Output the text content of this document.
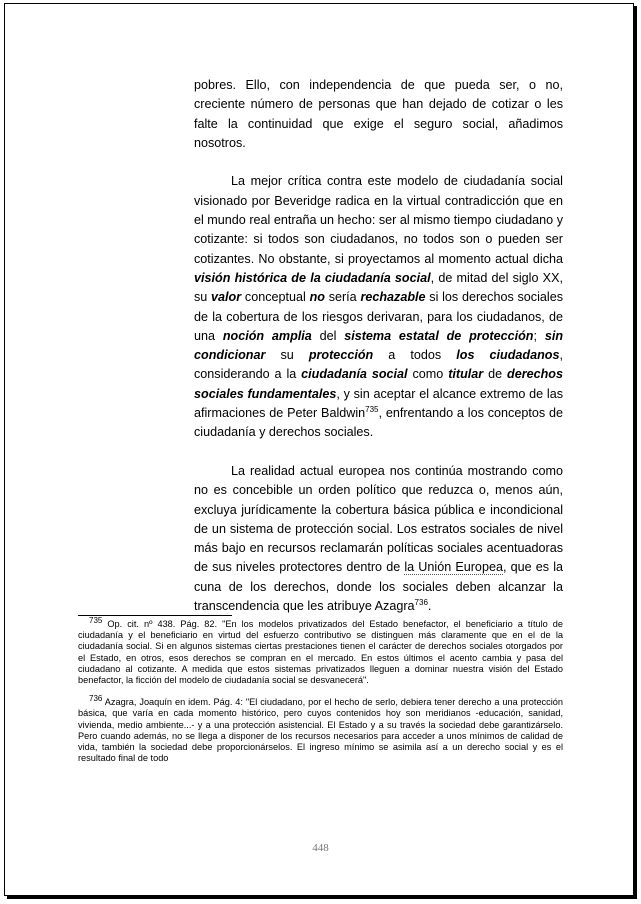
pobres. Ello, con independencia de que pueda ser, o no, creciente número de personas que han dejado de cotizar o les falte la continuidad que exige el seguro social, añadimos nosotros.

La mejor crítica contra este modelo de ciudadanía social visionado por Beveridge radica en la virtual contradicción que en el mundo real entraña un hecho: ser al mismo tiempo ciudadano y cotizante: si todos son ciudadanos, no todos son o pueden ser cotizantes. No obstante, si proyectamos al momento actual dicha visión histórica de la ciudadanía social, de mitad del siglo XX, su valor conceptual no sería rechazable si los derechos sociales de la cobertura de los riesgos derivaran, para los ciudadanos, de una noción amplia del sistema estatal de protección; sin condicionar su protección a todos los ciudadanos, considerando a la ciudadanía social como titular de derechos sociales fundamentales, y sin aceptar el alcance extremo de las afirmaciones de Peter Baldwin$^{735}$, enfrentando a los conceptos de ciudadanía y derechos sociales.

La realidad actual europea nos continúa mostrando como no es concebible un orden político que reduzca o, menos aún, excluya jurídicamente la cobertura básica pública e incondicional de un sistema de protección social. Los estratos sociales de nivel más bajo en recursos reclamarán políticas sociales acentuadoras de sus niveles protectores dentro de la Unión Europea, que es la cuna de los derechos, donde los sociales deben alcanzar la transcendencia que les atribuye Azagra$^{736}$.

$^{735}$ Op. cit. nº 438. Pág. 82. "En los modelos privatizados del Estado benefactor, el beneficiario a título de ciudadanía y el beneficiario en virtud del esfuerzo contributivo se distinguen más claramente que en el de la ciudadanía social. Si en algunos sistemas ciertas prestaciones tienen el carácter de derechos sociales otorgados por el Estado, en otros, esos derechos se compran en el mercado. En estos últimos el acento cambia y pasa del ciudadano al cotizante. A medida que estos sistemas privatizados lleguen a dominar nuestra visión del Estado benefactor, la ficción del modelo de ciudadanía social se desvanecerá".

$^{736}$ Azagra, Joaquín en idem. Pág. 4: "El ciudadano, por el hecho de serlo, debiera tener derecho a una protección básica, que varía en cada momento histórico, pero cuyos contenidos hoy son meridianos -educación, sanidad, vivienda, medio ambiente...- y a una protección asistencial. El Estado y a su través la sociedad debe garantizárselo. Pero cuando además, no se llega a disponer de los recursos necesarios para acceder a unos mínimos de calidad de vida, también la sociedad debe proporcionárselos. El ingreso mínimo se asimila así a un derecho social y es el resultado final de todo

448
